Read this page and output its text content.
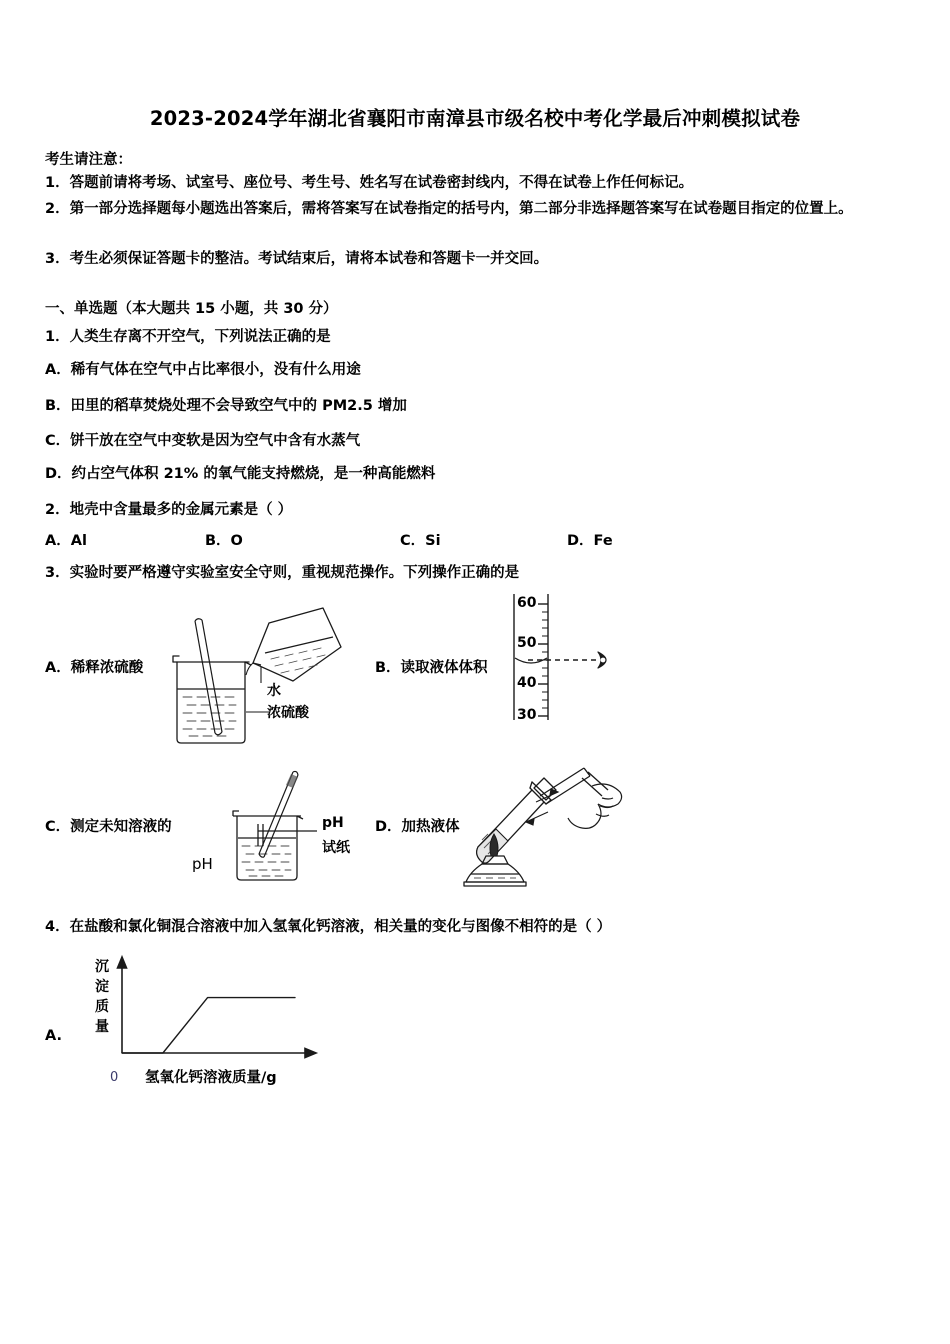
2023-2024学年湖北省襄阳市南漳县市级名校中考化学最后冲刺模拟试卷
考生请注意：
1．答题前请将考场、试室号、座位号、考生号、姓名写在试卷密封线内，不得在试卷上作任何标记。
2．第一部分选择题每小题选出答案后，需将答案写在试卷指定的括号内，第二部分非选择题答案写在试卷题目指定的位置上。
3．考生必须保证答题卡的整洁。考试结束后，请将本试卷和答题卡一并交回。
一、单选题（本大题共 15 小题，共 30 分）
1．人类生存离不开空气，下列说法正确的是
A．稀有气体在空气中占比率很小，没有什么用途
B．田里的稻草焚烧处理不会导致空气中的 PM2.5 增加
C．饼干放在空气中变软是因为空气中含有水蒸气
D．约占空气体积 21% 的氧气能支持燃烧，是一种高能燃料
2．地壳中含量最多的金属元素是（ ）
A．Al	B．O	C．Si	D．Fe
3．实验时要严格遵守实验室安全守则，重视规范操作。下列操作正确的是
A．稀释浓硫酸
水
浓硫酸
B．读取液体体积
60
50
40
30
C．测定未知溶液的
pH
pH
试纸
D．加热液体
4．在盐酸和氯化铜混合溶液中加入氢氧化钙溶液，相关量的变化与图像不相符的是（ ）
A.
沉
淀
质
量
0 氢氧化钙溶液质量/g
